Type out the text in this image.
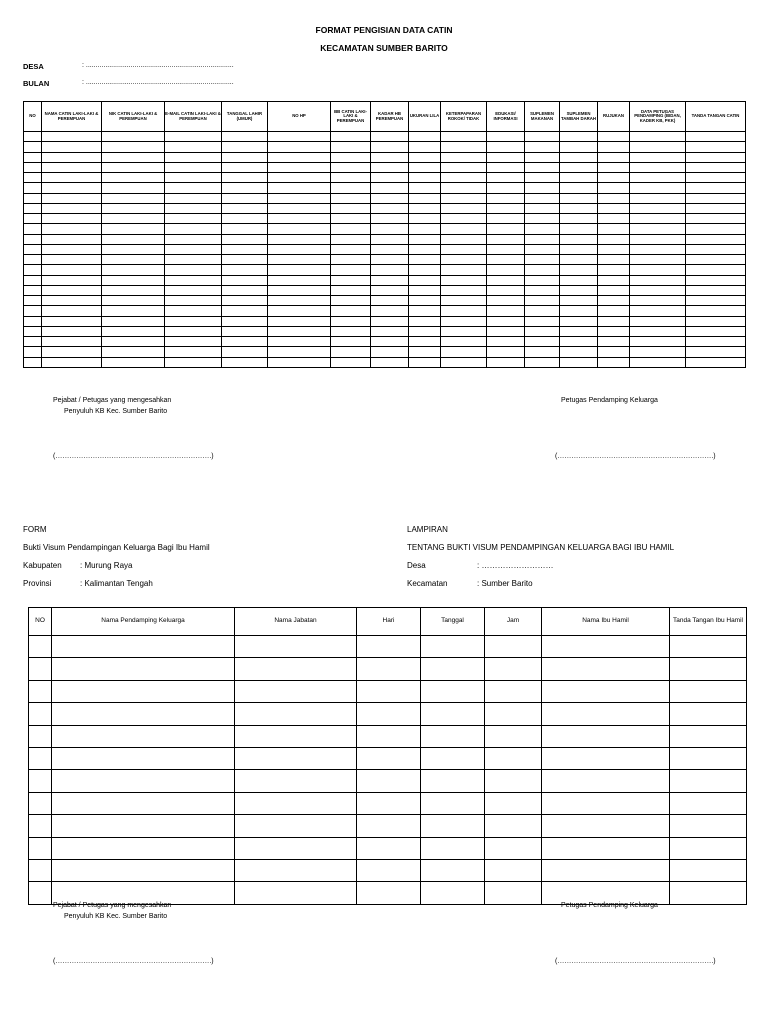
FORMAT PENGISIAN DATA CATIN
KECAMATAN SUMBER BARITO
DESA	: ............................................................................
BULAN	: ............................................................................
NO	NAMA CATIN LAKI-LAKI & PEREMPUAN	NIK CATIN LAKI-LAKI & PEREMPUAN	E-MAIL CATIN LAKI-LAKI & PEREMPUAN	TANGGAL LAHIR (UMUR)	NO HP	BB CATIN LAKI-LAKI & PEREMPUAN	KADAR HB PEREMPUAN	UKURAN LILA	KETERPAPARAN ROKOK/ TIDAK	EDUKASI/ INFORMASI	SUPLEMEN MAKANAN	SUPLEMEN TAMBAH DARAH	RUJUKAN	DATA PETUGAS PENDAMPING (BIDAN, KADER KB, PKK)	TANDA TANGAN CATIN

Pejabat / Petugas yang mengesahkan
Penyuluh KB Kec. Sumber Barito
Petugas Pendamping Keluarga
(………………………………………………………….)	(………………………………………………………….)
FORM
Bukti Visum Pendampingan Keluarga Bagi Ibu Hamil
Kabupaten : Murung Raya
Provinsi	: Kalimantan Tengah
LAMPIRAN
TENTANG BUKTI VISUM PENDAMPINGAN KELUARGA BAGI IBU HAMIL
Desa	: ………………………
Kecamatan	: Sumber Barito
NO	Nama Pendamping Keluarga	Nama Jabatan	Hari	Tanggal	Jam	Nama Ibu Hamil	Tanda Tangan Ibu Hamil

Pejabat / Petugas yang mengesahkan
Penyuluh KB Kec. Sumber Barito
Petugas Pendamping Keluarga
(………………………………………………………….)	(………………………………………………………….)
